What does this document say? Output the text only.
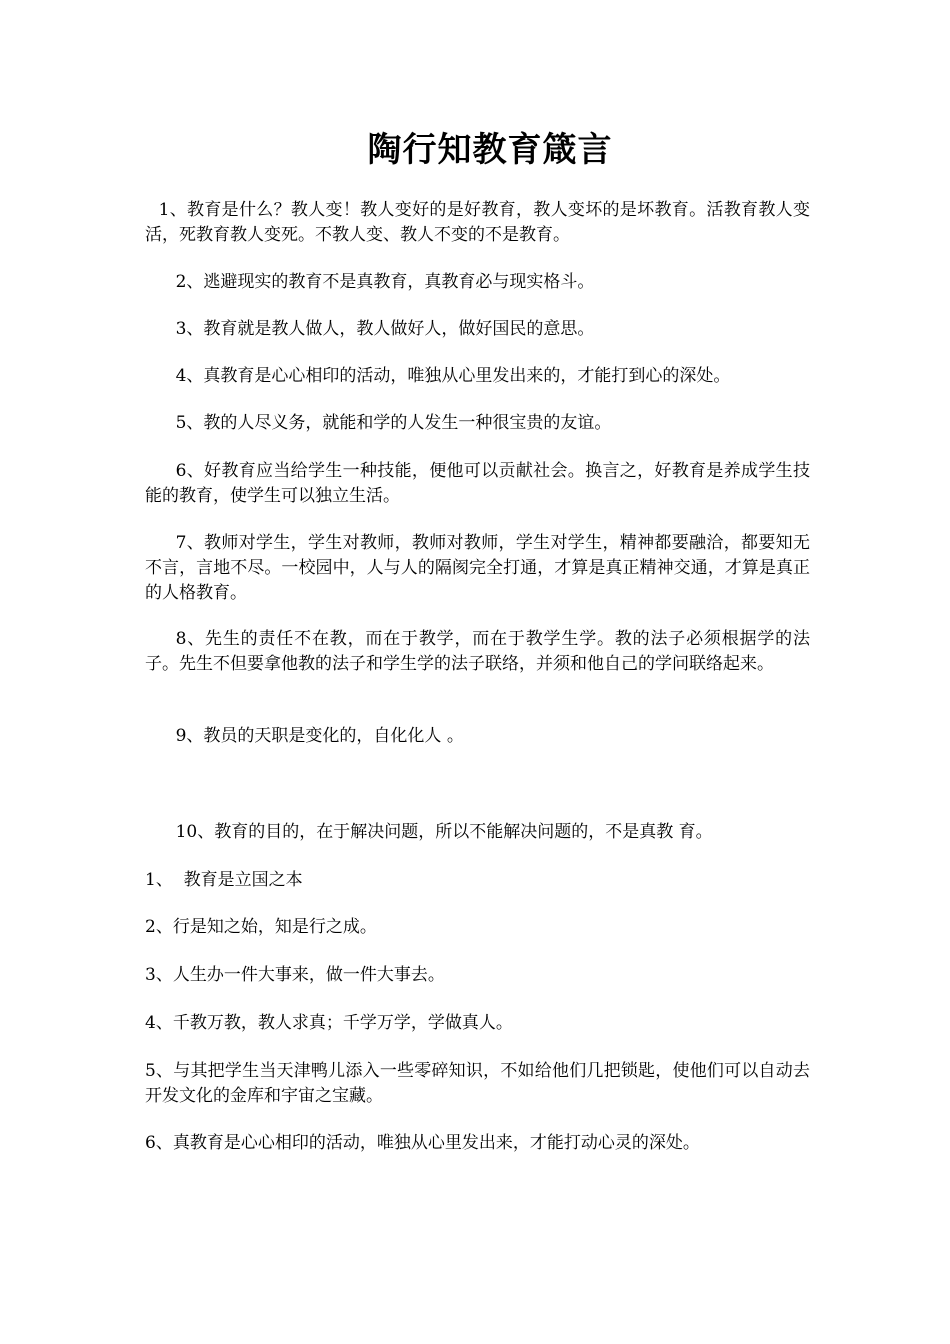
陶行知教育箴言

1、教育是什么？教人变！教人变好的是好教育，教人变坏的是坏教育。活教育教人变活，死教育教人变死。不教人变、教人不变的不是教育。

2、逃避现实的教育不是真教育，真教育必与现实格斗。

3、教育就是教人做人，教人做好人，做好国民的意思。

4、真教育是心心相印的活动，唯独从心里发出来的，才能打到心的深处。

5、教的人尽义务，就能和学的人发生一种很宝贵的友谊。

6、好教育应当给学生一种技能，便他可以贡献社会。换言之，好教育是养成学生技能的教育，使学生可以独立生活。

7、教师对学生，学生对教师，教师对教师，学生对学生，精神都要融洽，都要知无不言，言地不尽。一校园中，人与人的隔阂完全打通，才算是真正精神交通，才算是真正的人格教育。

8、先生的责任不在教，而在于教学，而在于教学生学。教的法子必须根据学的法子。先生不但要拿他教的法子和学生学的法子联络，并须和他自己的学问联络起来。

9、教员的天职是变化的，自化化人 。

10、教育的目的，在于解决问题，所以不能解决问题的，不是真教 育。

1、  教育是立国之本

2、行是知之始，知是行之成。

3、人生办一件大事来，做一件大事去。

4、千教万教，教人求真；千学万学，学做真人。

5、与其把学生当天津鸭儿添入一些零碎知识，不如给他们几把锁匙，使他们可以自动去开发文化的金库和宇宙之宝藏。

6、真教育是心心相印的活动，唯独从心里发出来，才能打动心灵的深处。
